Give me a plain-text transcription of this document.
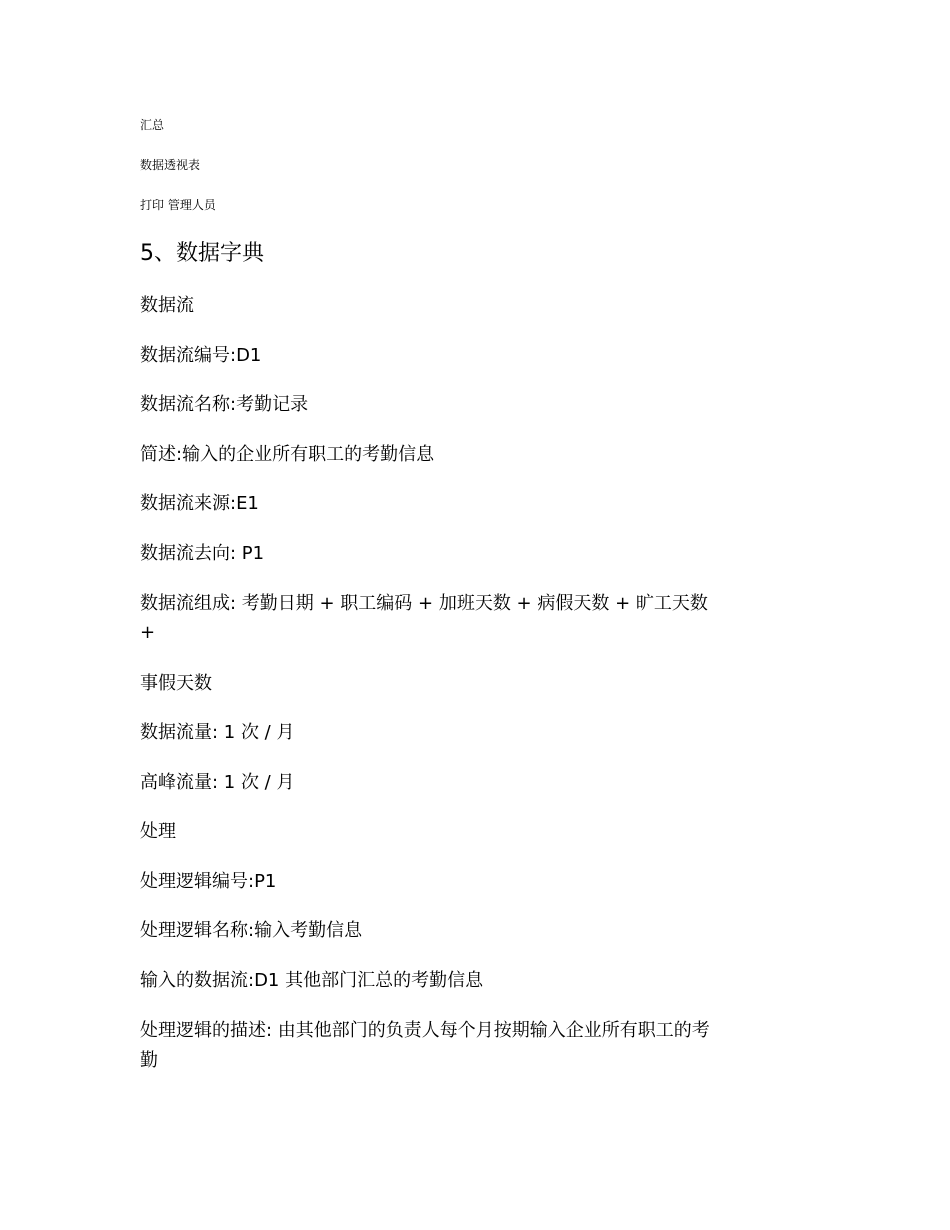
汇总
数据透视表
打印 管理人员
5、数据字典
数据流
数据流编号:D1
数据流名称:考勤记录
简述:输入的企业所有职工的考勤信息
数据流来源:E1
数据流去向: P1
数据流组成: 考勤日期 + 职工编码 + 加班天数 + 病假天数 + 旷工天数
+
事假天数
数据流量: 1 次 / 月
高峰流量: 1 次 / 月
处理
处理逻辑编号:P1
处理逻辑名称:输入考勤信息
输入的数据流:D1 其他部门汇总的考勤信息
处理逻辑的描述: 由其他部门的负责人每个月按期输入企业所有职工的考
勤
